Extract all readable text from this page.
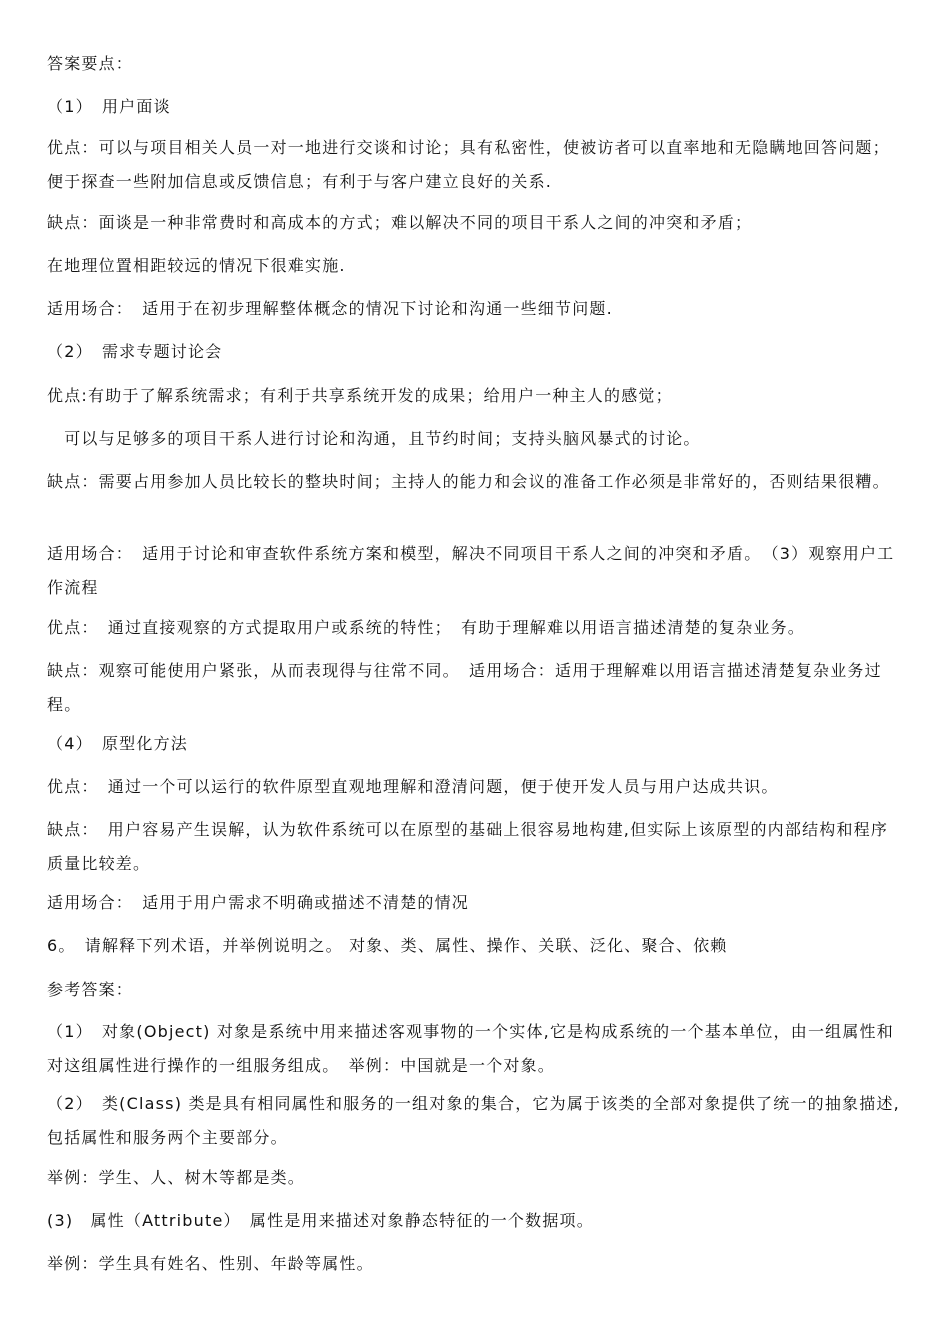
答案要点：
（1）　用户面谈
优点：可以与项目相关人员一对一地进行交谈和讨论；具有私密性，使被访者可以直率地和无隐瞒地回答问题；便于探查一些附加信息或反馈信息；有利于与客户建立良好的关系.
缺点：面谈是一种非常费时和高成本的方式；难以解决不同的项目干系人之间的冲突和矛盾；
在地理位置相距较远的情况下很难实施.
适用场合：　适用于在初步理解整体概念的情况下讨论和沟通一些细节问题.
（2）　需求专题讨论会
优点:有助于了解系统需求；有利于共享系统开发的成果；给用户一种主人的感觉；
　可以与足够多的项目干系人进行讨论和沟通，且节约时间；支持头脑风暴式的讨论。
缺点：需要占用参加人员比较长的整块时间；主持人的能力和会议的准备工作必须是非常好的，否则结果很糟。
适用场合：　适用于讨论和审查软件系统方案和模型，解决不同项目干系人之间的冲突和矛盾。　（3）观察用户工作流程
优点：　通过直接观察的方式提取用户或系统的特性；　有助于理解难以用语言描述清楚的复杂业务。
缺点：观察可能使用户紧张，从而表现得与往常不同。　适用场合：适用于理解难以用语言描述清楚复杂业务过程。
（4）　原型化方法
优点：　通过一个可以运行的软件原型直观地理解和澄清问题，便于使开发人员与用户达成共识。
缺点：　用户容易产生误解，认为软件系统可以在原型的基础上很容易地构建,但实际上该原型的内部结构和程序质量比较差。
适用场合：　适用于用户需求不明确或描述不清楚的情况
6。　请解释下列术语，并举例说明之。 对象、类、属性、操作、关联、泛化、聚合、依赖
参考答案：
（1）　对象(Object) 对象是系统中用来描述客观事物的一个实体,它是构成系统的一个基本单位，由一组属性和对这组属性进行操作的一组服务组成。　举例：中国就是一个对象。
（2）　类(Class) 类是具有相同属性和服务的一组对象的集合，它为属于该类的全部对象提供了统一的抽象描述,包括属性和服务两个主要部分。
举例：学生、人、树木等都是类。
(3)　属性（Attribute）　属性是用来描述对象静态特征的一个数据项。
举例：学生具有姓名、性别、年龄等属性。
